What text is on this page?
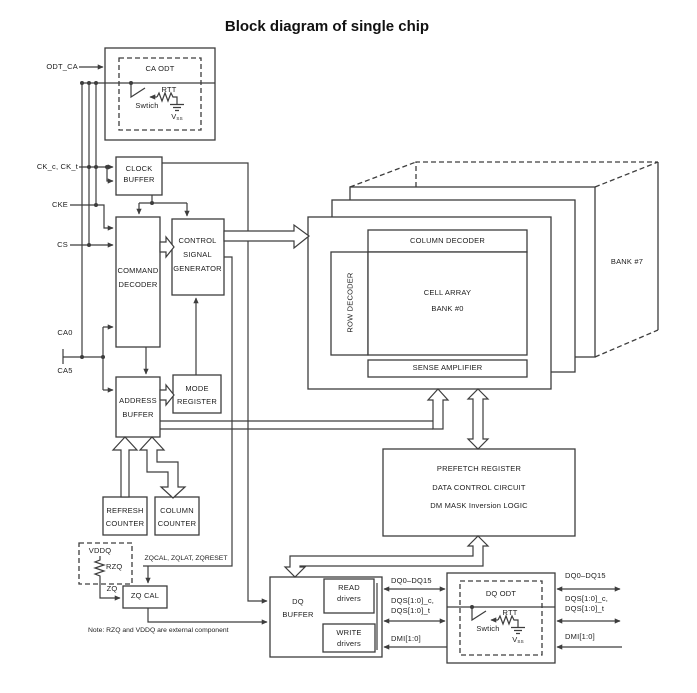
Block diagram of single chip
ODT_CA
CK_c, CK_t
CKE
CS
CA0
CA5
CA ODT
RTT
Swtich
$V_{SS}$
CLOCK
BUFFER
COMMAND
DECODER
CONTROL
SIGNAL
GENERATOR
COLUMN DECODER
ROW DECODER	CELL ARRAY
BANK #0
SENSE AMPLIFIER
BANK #7
MODE
REGISTER
ADDRESS
BUFFER
REFRESH
COUNTER
COLUMN
COUNTER
PREFETCH REGISTER
DATA CONTROL CIRCUIT
DM MASK Inversion LOGIC
VDDQ
RZQ
ZQ
ZQ CAL
ZQCAL, ZQLAT, ZQRESET
DQ
BUFFER
READ
drivers
WRITE
drivers
DQ ODT
RTT
Swtich
$V_{SS}$
DQ0–DQ15
DQS[1:0]_c,
DQS[1:0]_t
DMI[1:0]
DQ0–DQ15
DQS[1:0]_c,
DQS[1:0]_t
DMI[1:0]
Note: RZQ and VDDQ are external component
